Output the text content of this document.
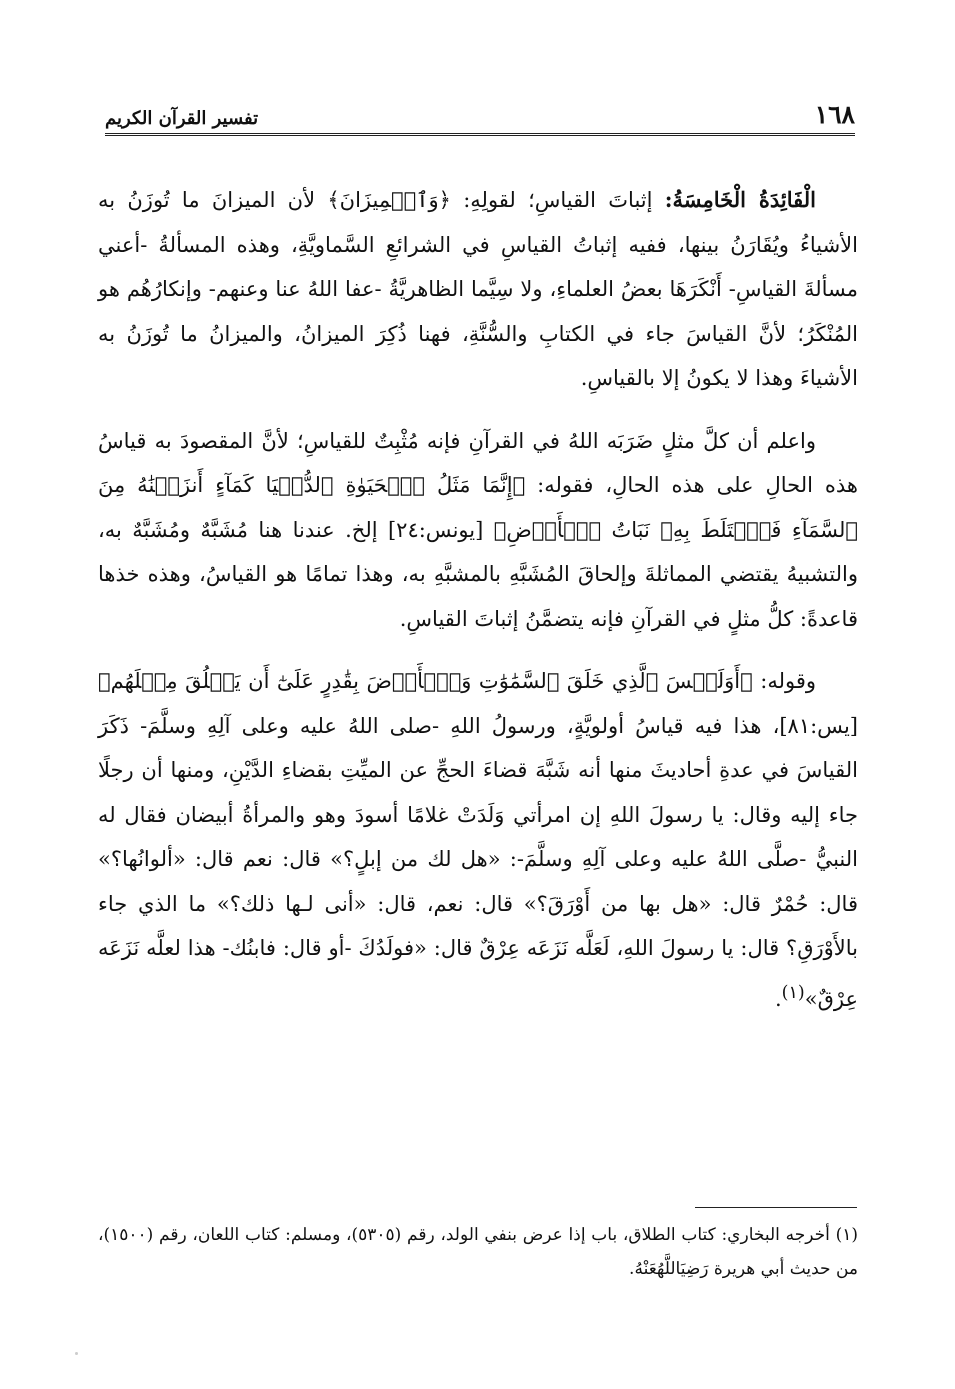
١٦٨
تفسير القرآن الكريم

الْفَائِدَةُ الْخَامِسَةُ: إثباتَ القياسِ؛ لقولِهِ: ﴿وَٱلۡمِيزَانَ﴾ لأن الميزانَ ما تُوزَنُ به الأشياءُ ويُقَارَنُ بينها، ففيه إثباتُ القياسِ في الشرائعِ السَّماويَّةِ، وهذه المسألةُ -أعني مسألةَ القياسِ- أَنْكَرَهَا بعضُ العلماءِ، ولا سِيَّما الظاهريَّةُ -عفا اللهُ عنا وعنهم- وإنكارُهُم هو المُنْكَرُ؛ لأنَّ القياسَ جاء في الكتابِ والسُّنَّةِ، فهنا ذُكِرَ الميزانُ، والميزانُ ما تُوزَنُ به الأشياءَ وهذا لا يكونُ إلا بالقياسِ.

واعلم أن كلَّ مثلٍ ضَرَبَه اللهُ في القرآنِ فإنه مُثْبِتٌ للقياسِ؛ لأنَّ المقصودَ به قياسُ هذه الحالِ على هذه الحالِ، فقوله: ﴿إِنَّمَا مَثَلُ ٱلۡحَيَوٰةِ ٱلدُّنۡيَا كَمَآءٍ أَنزَلۡنَٰهُ مِنَ ٱلسَّمَآءِ فَٱخۡتَلَطَ بِهِۦ نَبَاتُ ٱلۡأَرۡضِ﴾ [يونس:٢٤] إلخ. عندنا هنا مُشَبَّهٌ ومُشَبَّهٌ به، والتشبيهُ يقتضي المماثلةَ وإلحاقَ المُشَبَّهِ بالمشبَّهِ به، وهذا تمامًا هو القياسُ، وهذه خذها قاعدةً: كلُّ مثلٍ في القرآنِ فإنه يتضمَّنُ إثباتَ القياسِ.

وقوله: ﴿أَوَلَيۡسَ ٱلَّذِي خَلَقَ ٱلسَّمَٰوَٰتِ وَٱلۡأَرۡضَ بِقَٰدِرٍ عَلَىٰٓ أَن يَخۡلُقَ مِثۡلَهُم﴾ [يس:٨١]، هذا فيه قياسُ أولويَّةٍ، ورسولُ اللهِ -صلى اللهُ عليه وعلى آلِهِ وسلَّمَ- ذَكَرَ القياسَ في عدةِ أحاديثَ منها أنه شَبَّهَ قضاءَ الحجِّ عن الميِّتِ بقضاءِ الدَّيْنِ، ومنها أن رجلًا جاء إليه وقال: يا رسولَ اللهِ إن امرأتي وَلَدَتْ غلامًا أسودَ وهو والمرأةُ أبيضان فقال له النبيُّ -صلَّى اللهُ عليه وعلى آلِهِ وسلَّمَ-: «هل لك من إبلٍ؟» قال: نعم قال: «ألوانُها؟» قال: حُمْرٌ قال: «هل بها من أَوْرَقَ؟» قال: نعم، قال: «أنى لـها ذلك؟» ما الذي جاء بالأَوْرَقِ؟ قال: يا رسولَ اللهِ، لَعَلَّه نَزَعَه عِرْقٌ قال: «فولَدُكَ -أو قال: فابنُك- هذا لعلَّه نَزَعَه عِرْقٌ»$^{(١)}$.

(١) أخرجه البخاري: كتاب الطلاق، باب إذا عرض بنفي الولد، رقم (٥٣٠٥)، ومسلم: كتاب اللعان، رقم (١٥٠٠)، من حديث أبي هريرة رَضِيَاللَّهُعَنْهُ.
